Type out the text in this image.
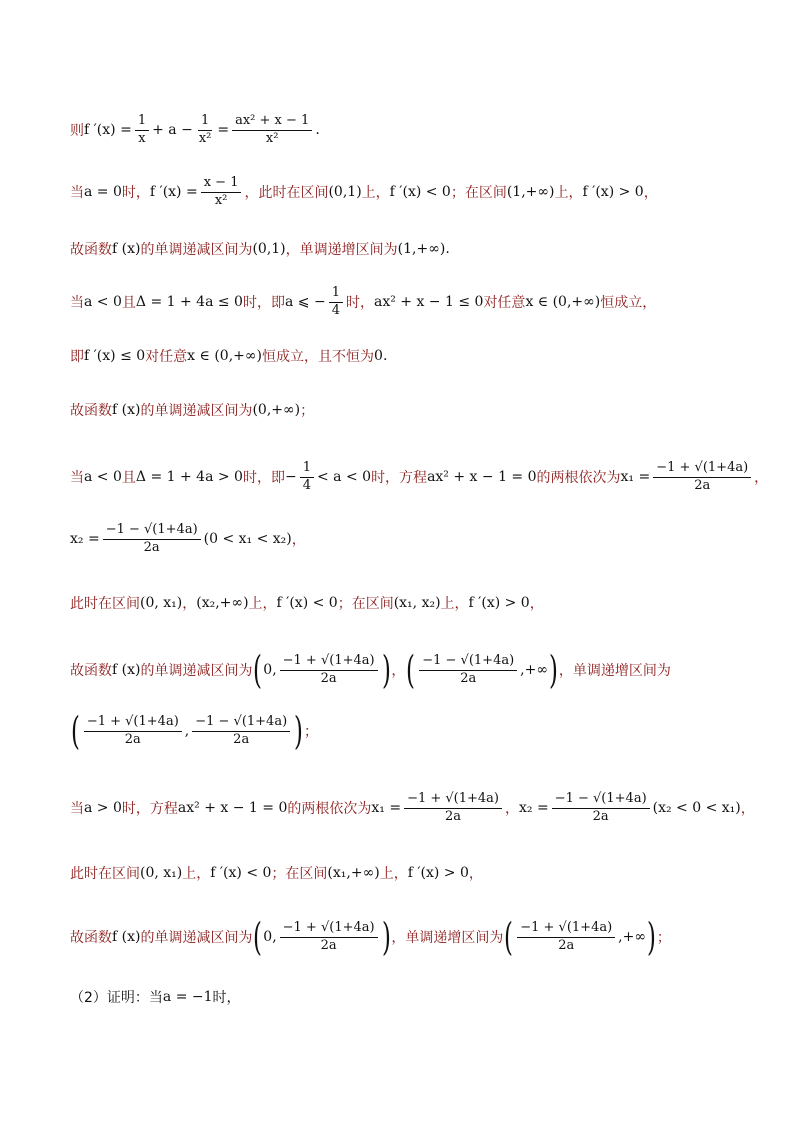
则 f $'(x) = \frac{1}{x} + a - \frac{1}{\text{x²}} = \frac{\text{ax² + x − 1}}{\text{x²}}$ .
当 a = 0 时， f $'(x) = \frac{x - 1}{\text{x²}}$ ，此时在区间 (0,1) 上， f ′(x) < 0 ；在区间 (1,+∞) 上， f ′(x) > 0 ，
故函数 f (x) 的单调递减区间为 (0,1) ，单调递增区间为 (1,+∞) .
当 a < 0 且 Δ = 1 + 4a ≤ 0 时，即 a ⩽ − $\frac{1}{4}$ 时， ax² + x − 1 ≤ 0 对任意 x ∈ (0,+∞) 恒成立，
即 f ′(x) ≤ 0 对任意 x ∈ (0,+∞) 恒成立，且不恒为 0 .
故函数 f (x) 的单调递减区间为 (0,+∞) ；
当 a < 0 且 Δ = 1 + 4a > 0 时，即 − $\frac{1}{4} < a < 0$ 时，方程 ax² + x − 1 = 0 的两根依次为 $x_1 = \frac{-1 + √(1+4a)}{2a}$ ，
$x_2 = \frac{-1 - √(1+4a)}{2a} (0 < x_1 < x_2)$ ，
此时在区间 (0, x₁) ， (x₂,+∞) 上， f ′(x) < 0 ；在区间 (x₁, x₂) 上， f ′(x) > 0 ，
故函数 f (x) 的单调递减区间为 ( 0, $\frac{-1 + √(1+4a)}{2a}$ ) ， ( $\frac{-1 - √(1+4a)}{2a}$ ,+∞ ) ，单调递增区间为
( $\frac{-1 + √(1+4a)}{2a}$ , $\frac{-1 - √(1+4a)}{2a}$ ) ；
当 a > 0 时，方程 ax² + x − 1 = 0 的两根依次为 $x_1 = \frac{-1 + √(1+4a)}{2a}$ ， $x_2 = \frac{-1 - √(1+4a)}{2a} (x_2 < 0 < x_1)$ ，
此时在区间 (0, x₁) 上， f ′(x) < 0 ；在区间 (x₁,+∞) 上， f ′(x) > 0 ，
故函数 f (x) 的单调递减区间为 ( 0, $\frac{-1 + √(1+4a)}{2a}$ ) ，单调递增区间为 ( $\frac{-1 + √(1+4a)}{2a}$ ,+∞ ) ；
（2）证明：当 a = −1 时，
